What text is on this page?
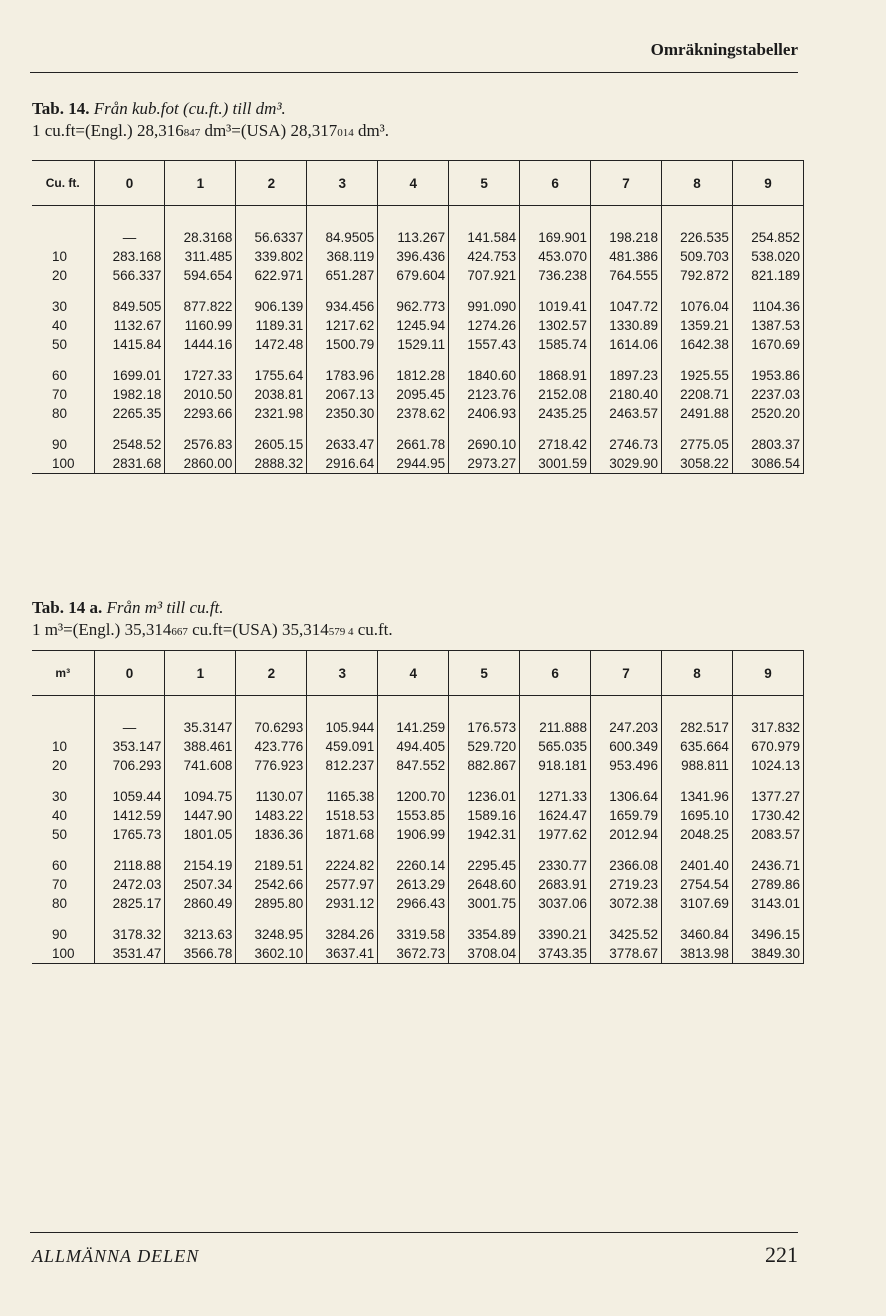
Omräkningstabeller
Tab. 14. Från kub.fot (cu.ft.) till dm³.
1 cu.ft=(Engl.) 28,316847 dm³=(USA) 28,317014 dm³.
Cu. ft.	0	1	2	3	4	5	6	7	8	9

	—	28.3168	56.6337	84.9505	113.267	141.584	169.901	198.218	226.535	254.852
10	283.168	311.485	339.802	368.119	396.436	424.753	453.070	481.386	509.703	538.020
20	566.337	594.654	622.971	651.287	679.604	707.921	736.238	764.555	792.872	821.189
30	849.505	877.822	906.139	934.456	962.773	991.090	1019.41	1047.72	1076.04	1104.36
40	1132.67	1160.99	1189.31	1217.62	1245.94	1274.26	1302.57	1330.89	1359.21	1387.53
50	1415.84	1444.16	1472.48	1500.79	1529.11	1557.43	1585.74	1614.06	1642.38	1670.69
60	1699.01	1727.33	1755.64	1783.96	1812.28	1840.60	1868.91	1897.23	1925.55	1953.86
70	1982.18	2010.50	2038.81	2067.13	2095.45	2123.76	2152.08	2180.40	2208.71	2237.03
80	2265.35	2293.66	2321.98	2350.30	2378.62	2406.93	2435.25	2463.57	2491.88	2520.20
90	2548.52	2576.83	2605.15	2633.47	2661.78	2690.10	2718.42	2746.73	2775.05	2803.37
100	2831.68	2860.00	2888.32	2916.64	2944.95	2973.27	3001.59	3029.90	3058.22	3086.54
Tab. 14 a. Från m³ till cu.ft.
1 m³=(Engl.) 35,314667 cu.ft=(USA) 35,314579 4 cu.ft.
m³	0	1	2	3	4	5	6	7	8	9

	—	35.3147	70.6293	105.944	141.259	176.573	211.888	247.203	282.517	317.832
10	353.147	388.461	423.776	459.091	494.405	529.720	565.035	600.349	635.664	670.979
20	706.293	741.608	776.923	812.237	847.552	882.867	918.181	953.496	988.811	1024.13
30	1059.44	1094.75	1130.07	1165.38	1200.70	1236.01	1271.33	1306.64	1341.96	1377.27
40	1412.59	1447.90	1483.22	1518.53	1553.85	1589.16	1624.47	1659.79	1695.10	1730.42
50	1765.73	1801.05	1836.36	1871.68	1906.99	1942.31	1977.62	2012.94	2048.25	2083.57
60	2118.88	2154.19	2189.51	2224.82	2260.14	2295.45	2330.77	2366.08	2401.40	2436.71
70	2472.03	2507.34	2542.66	2577.97	2613.29	2648.60	2683.91	2719.23	2754.54	2789.86
80	2825.17	2860.49	2895.80	2931.12	2966.43	3001.75	3037.06	3072.38	3107.69	3143.01
90	3178.32	3213.63	3248.95	3284.26	3319.58	3354.89	3390.21	3425.52	3460.84	3496.15
100	3531.47	3566.78	3602.10	3637.41	3672.73	3708.04	3743.35	3778.67	3813.98	3849.30
ALLMÄNNA DELEN	221
